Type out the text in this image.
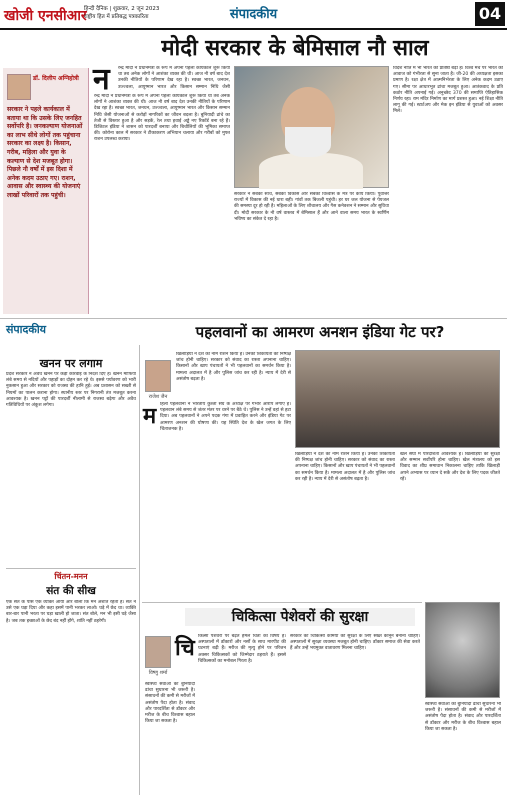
खोजी एनसीआर
हिन्दी दैनिक | शुक्रवार, 2 जून 2023
राष्ट्रीय हित में प्रतिबद्ध पत्रकारिता	संपादकीय	04
मोदी सरकार के बेमिसाल नौ साल
डॉ. दिलीप अग्निहोत्री
सरकार ने पहले कार्यकाल में बताया था कि उसके लिए जनहित सर्वोपरि है। जनकल्याण योजनाओं का लाभ सीधे लोगों तक पहुंचाना सरकार का लक्ष्य है। किसान, गरीब, महिला और युवा के कल्याण से देश मजबूत होगा। पिछले नौ वर्षों में इस दिशा में अनेक कदम उठाए गए। राशन, आवास और स्वास्थ्य की योजनाएं लाखों परिवारों तक पहुंची।
न रेन्द्र मोदी ने प्रधानमंत्री के रूप में अपना पहला कार्यकाल शुरू किया था तब अनेक लोगों ने आशंका व्यक्त की थी। आज नौ वर्ष बाद देश उनकी नीतियों के परिणाम देख रहा है। स्वच्छ भारत, जनधन, उज्ज्वला, आयुष्मान भारत और किसान सम्मान निधि जैसी
रेन्द्र मोदी ने प्रधानमंत्री के रूप में अपना पहला कार्यकाल शुरू किया था तब अनेक लोगों ने आशंका व्यक्त की थी। आज नौ वर्ष बाद देश उनकी नीतियों के परिणाम देख रहा है। स्वच्छ भारत, जनधन, उज्ज्वला, आयुष्मान भारत और किसान सम्मान निधि जैसी योजनाओं से करोड़ों नागरिकों का जीवन बदला है। बुनियादी ढांचे का तेजी से विस्तार हुआ है और सड़कें, रेल तथा हवाई अड्डे नए रिकॉर्ड बना रहे हैं। डिजिटल इंडिया ने शासन को पारदर्शी बनाया और बिचौलियों की भूमिका समाप्त की। कोरोना काल में सरकार ने टीकाकरण अभियान चलाया और गरीबों को मुफ्त राशन उपलब्ध कराया।
विदेश नीति में भी भारत की प्रतिष्ठा बढ़ी है। विश्व मंच पर भारत की आवाज को गंभीरता से सुना जाता है। जी-20 की अध्यक्षता इसका प्रमाण है। रक्षा क्षेत्र में आत्मनिर्भरता के लिए अनेक कदम उठाए गए। सीमा पर आधारभूत ढांचा मजबूत हुआ। आतंकवाद के प्रति कठोर नीति अपनाई गई। अनुच्छेद 370 की समाप्ति ऐतिहासिक निर्णय रहा। राम मंदिर निर्माण का मार्ग प्रशस्त हुआ। नई शिक्षा नीति लागू की गई। स्टार्टअप और मेक इन इंडिया से युवाओं को अवसर मिले।
सरकार ने सबका साथ, सबका विकास और सबका विश्वास के मंत्र पर कार्य किया। पूर्वोत्तर राज्यों में विकास की नई धारा बही। गांवों तक बिजली पहुंची। हर घर जल योजना से पेयजल की समस्या दूर हो रही है। महिलाओं के लिए शौचालय और गैस कनेक्शन ने सम्मान और सुविधा दी। मोदी सरकार के नौ वर्ष वास्तव में बेमिसाल हैं और आने वाला समय भारत के स्वर्णिम भविष्य का संकेत दे रहा है।
संपादकीय	पहलवानों का आमरण अनशन इंडिया गेट पर?
खनन पर लगाम
प्रदेश सरकार ने अवैध खनन पर कड़ी कार्रवाई के निर्देश दिए हैं। खनन माफिया लंबे समय से नदियों और पहाड़ों का दोहन कर रहे थे। इससे पर्यावरण को भारी नुकसान हुआ और सरकार को राजस्व की हानि हुई। अब प्रशासन को सख्ती से नियमों का पालन कराना होगा। स्थानीय स्तर पर निगरानी तंत्र मजबूत करना आवश्यक है। खनन पट्टों की पारदर्शी नीलामी से राजस्व बढ़ेगा और अवैध गतिविधियों पर अंकुश लगेगा।
चिंतन-मनन
संत की सीख
एक संत के पास एक व्यक्ति आया और बोला कि मन अशांत रहता है। संत ने उसे एक घड़ा दिया और कहा इसमें पानी भरकर लाओ। घड़े में छेद था। व्यक्ति बार-बार पानी भरता पर घड़ा खाली हो जाता। संत बोले, मन भी इसी घड़े जैसा है। जब तक इच्छाओं के छेद बंद नहीं होंगे, शांति नहीं ठहरेगी।
राजेश जैन
खिलाड़ियों ने देश का नाम रोशन किया है। उनकी शिकायतों की निष्पक्ष जांच होनी चाहिए। सरकार को संवाद का रास्ता अपनाना चाहिए। किसानों और खाप पंचायतों ने भी पहलवानों का समर्थन किया है। मामला अदालत में है और पुलिस जांच कर रही है। न्याय में देरी से असंतोष बढ़ता है।
म हिला पहलवानों ने भारतीय कुश्ती संघ के अध्यक्ष पर गंभीर आरोप लगाए हैं। पहलवान लंबे समय से जंतर मंतर पर धरने पर बैठे थे। पुलिस ने उन्हें वहां से हटा दिया। अब पहलवानों ने अपने पदक गंगा में प्रवाहित करने और इंडिया गेट पर आमरण अनशन की घोषणा की। यह स्थिति देश के खेल जगत के लिए चिंताजनक है।
खिलाड़ियों ने देश का नाम रोशन किया है। उनकी शिकायतों की निष्पक्ष जांच होनी चाहिए। सरकार को संवाद का रास्ता अपनाना चाहिए। किसानों और खाप पंचायतों ने भी पहलवानों का समर्थन किया है। मामला अदालत में है और पुलिस जांच कर रही है। न्याय में देरी से असंतोष बढ़ता है।
खेल संघों में पारदर्शिता आवश्यक है। खिलाड़ियों की सुरक्षा और सम्मान सर्वोपरि होना चाहिए। खेल मंत्रालय को इस विवाद का शीघ्र समाधान निकालना चाहिए ताकि खिलाड़ी अपने अभ्यास पर ध्यान दे सकें और देश के लिए पदक जीतते रहें।
चिकित्सा पेशेवरों की सुरक्षा
विष्णु शर्मा
चि कित्सा पेशेवरों पर बढ़ते हमले चिंता का विषय हैं। अस्पतालों में डॉक्टरों और नर्सों के साथ मारपीट की घटनाएं बढ़ी हैं। मरीज की मृत्यु होने पर परिजन अक्सर चिकित्सकों को जिम्मेदार ठहराते हैं। इससे चिकित्सकों का मनोबल गिरता है।
सरकार को चिकित्सा कर्मियों की सुरक्षा के लिए सख्त कानून बनाना चाहिए। अस्पतालों में सुरक्षा व्यवस्था मजबूत होनी चाहिए। डॉक्टर समाज की सेवा करते हैं और उन्हें भयमुक्त वातावरण मिलना चाहिए।
स्वास्थ्य सेवाओं का बुनियादी ढांचा सुधारना भी जरूरी है। संसाधनों की कमी से मरीजों में असंतोष पैदा होता है। संवाद और पारदर्शिता से डॉक्टर और मरीज के बीच विश्वास बहाल किया जा सकता है।
स्वास्थ्य सेवाओं का बुनियादी ढांचा सुधारना भी जरूरी है। संसाधनों की कमी से मरीजों में असंतोष पैदा होता है। संवाद और पारदर्शिता से डॉक्टर और मरीज के बीच विश्वास बहाल किया जा सकता है।
